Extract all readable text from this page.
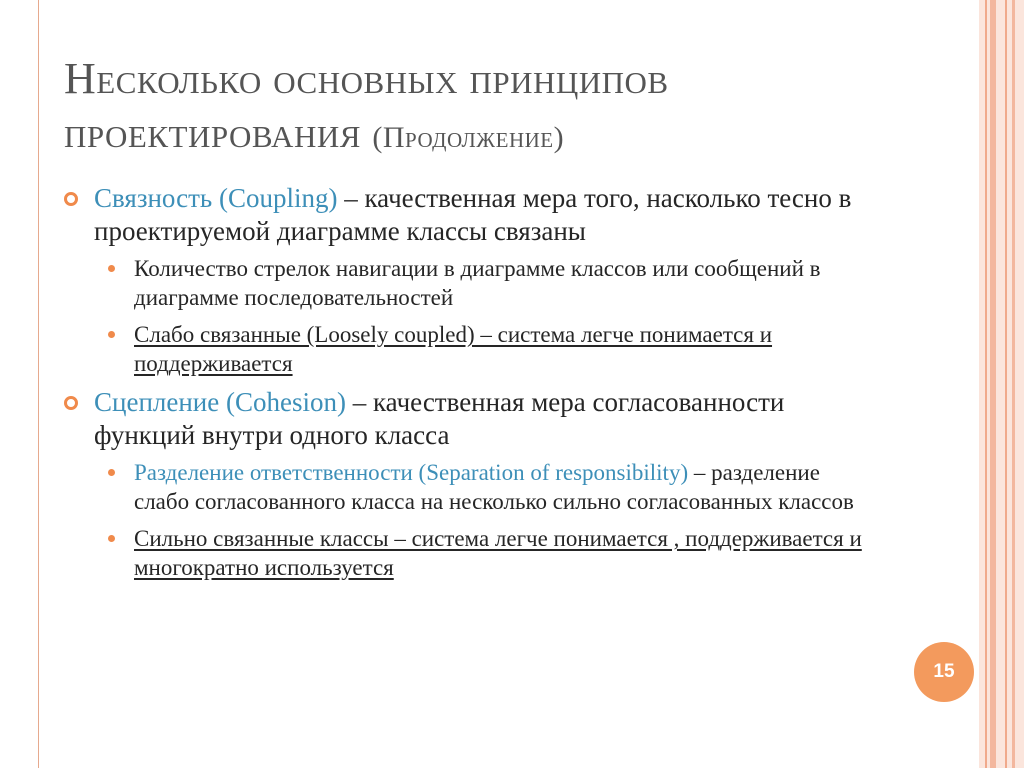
Несколько основных принципов проектирования (Продолжение)
Связность (Coupling) – качественная мера того, насколько тесно в проектируемой диаграмме классы связаны
Количество стрелок навигации в диаграмме классов или сообщений в диаграмме последовательностей
Слабо связанные (Loosely coupled) – система легче понимается и поддерживается
Сцепление (Cohesion) – качественная мера согласованности функций внутри одного класса
Разделение ответственности (Separation of responsibility) – разделение слабо согласованного класса на несколько сильно согласованных классов
Сильно связанные классы – система легче понимается , поддерживается и многократно используется
15
